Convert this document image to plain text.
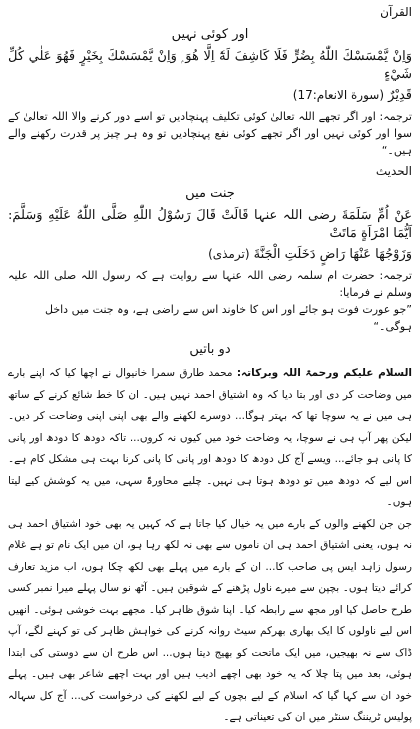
القرآن
اور کوئی نہیں
وَاِنْ يَّمْسَسْكَ اللّٰهُ بِضُرٍّ فَلَا كَاشِفَ لَهٗٓ اِلَّا هُوَ ۭ وَاِنْ يَّمْسَسْكَ بِخَيْرٍ فَهُوَ عَلٰي كُلِّ شَيْءٍ
قَدِيْرٌ (سورة الانعام:17)
ترجمہ: اور اگر تجھے اللہ تعالیٰ کوئی تکلیف پہنچادیں تو اسے دور کرنے والا اللہ تعالیٰ کے سوا اور کوئی نہیں اور اگر تجھے کوئی نفع پہنچادیں تو وہ ہر چیز پر قدرت رکھنے والے ہیں۔“
الحدیث
جنت میں
عَنْ اُمِّ سَلَمَةَ رضی اللہ عنہا قَالَتْ قَالَ رَسُوْلُ اللّٰهِ صَلَّى اللّٰهُ عَلَيْهِ وَسَلَّمَ: اَيُّمَا امْرَاَةٍ مَاتَتْ
وَزَوْجُهَا عَنْهَا رَاضٍ دَخَلَتِ الْجَنَّةَ (ترمذی)
ترجمہ: حضرت ام سلمہ رضی اللہ عنہا سے روایت ہے کہ رسول اللہ صلی اللہ علیہ وسلم نے فرمایا:
”جو عورت فوت ہو جائے اور اس کا خاوند اس سے راضی ہے، وہ جنت میں داخل ہوگی۔“
دو باتیں
السلام علیکم ورحمۃ اللہ وبرکاتہ: محمد طارق سمرا خانیوال نے اچھا کیا کہ اپنے بارے میں وضاحت کر دی اور بتا دیا کہ وہ اشتیاق احمد نہیں ہیں۔ ان کا خط شائع کرنے کے ساتھ ہی میں نے یہ سوچا تھا کہ بہتر ہوگا... دوسرے لکھنے والے بھی اپنی اپنی وضاحت کر دیں۔ لیکن پھر آپ ہی نے سوچا، یہ وضاحت خود میں کیوں نہ کروں... تاکہ دودھ کا دودھ اور پانی کا پانی ہو جائے... ویسے آج کل دودھ کا دودھ اور پانی کا پانی کرنا بہت ہی مشکل کام ہے۔ اس لیے کہ دودھ میں تو دودھ ہوتا ہی نہیں۔ چلیے محاورۃً سہی، میں یہ کوشش کیے لیتا ہوں۔
جن جن لکھنے والوں کے بارے میں یہ خیال کیا جاتا ہے کہ کہیں یہ بھی خود اشتیاق احمد ہی نہ ہوں، یعنی اشتیاق احمد ہی ان ناموں سے بھی نہ لکھ رہا ہو، ان میں ایک نام تو ہے غلام رسول زاہد ایس پی صاحب کا... ان کے بارے میں پہلے بھی لکھ چکا ہوں، اب مزید تعارف کرائے دیتا ہوں۔ بچپن سے میرے ناول پڑھنے کے شوقین ہیں۔ آٹھ نو سال پہلے میرا نمبر کسی طرح حاصل کیا اور مجھ سے رابطہ کیا۔ اپنا شوق ظاہر کیا۔ مجھے بہت خوشی ہوئی۔ انھیں اس لیے ناولوں کا ایک بھاری بھرکم سیٹ روانہ کرنے کی خواہش ظاہر کی تو کہنے لگے، آپ ڈاک سے نہ بھیجیں، میں ایک ماتحت کو بھیج دیتا ہوں... اس طرح ان سے دوستی کی ابتدا ہوئی، بعد میں پتا چلا کہ یہ خود بھی اچھے ادیب ہیں اور بہت اچھے شاعر بھی ہیں۔ پہلے خود ان سے کہا گیا کہ اسلام کے لیے بچوں کے لیے لکھنے کی درخواست کی... آج کل سہالہ پولیس ٹریننگ سنٹر میں ان کی تعیناتی ہے۔
